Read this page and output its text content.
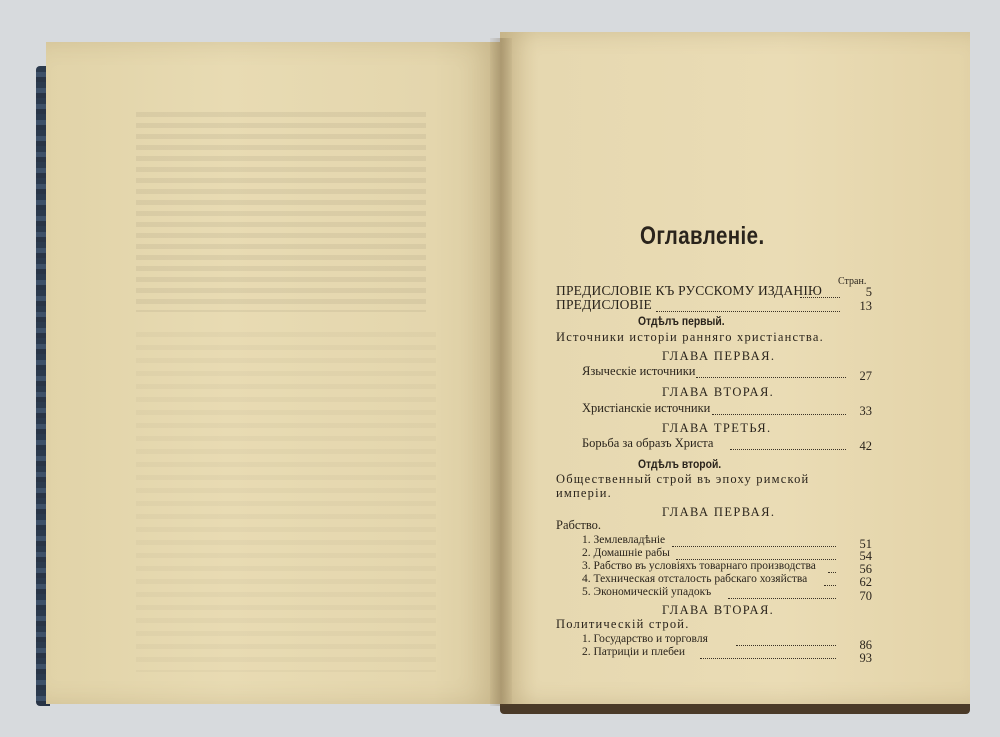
Оглавленіе.
Стран.
ПРЕДИСЛОВІЕ КЪ РУССКОМУ ИЗДАНІЮ	5
ПРЕДИСЛОВІЕ	13
Отдѣлъ первый.
Источники исторіи ранняго христіанства.
ГЛАВА ПЕРВАЯ.
Языческіе источники	27
ГЛАВА ВТОРАЯ.
Христіанскіе источники	33
ГЛАВА ТРЕТЬЯ.
Борьба за образъ Христа	42
Отдѣлъ второй.
Общественный строй въ эпоху римской
имперіи.
ГЛАВА ПЕРВАЯ.
Рабство.
1. Землевладѣніе	51
2. Домашніе рабы	54
3. Рабство въ условіяхъ товарнаго производства	56
4. Техническая отсталость рабскаго хозяйства	62
5. Экономическій упадокъ	70
ГЛАВА ВТОРАЯ.
Политическій строй.
1. Государство и торговля	86
2. Патриціи и плебеи	93
